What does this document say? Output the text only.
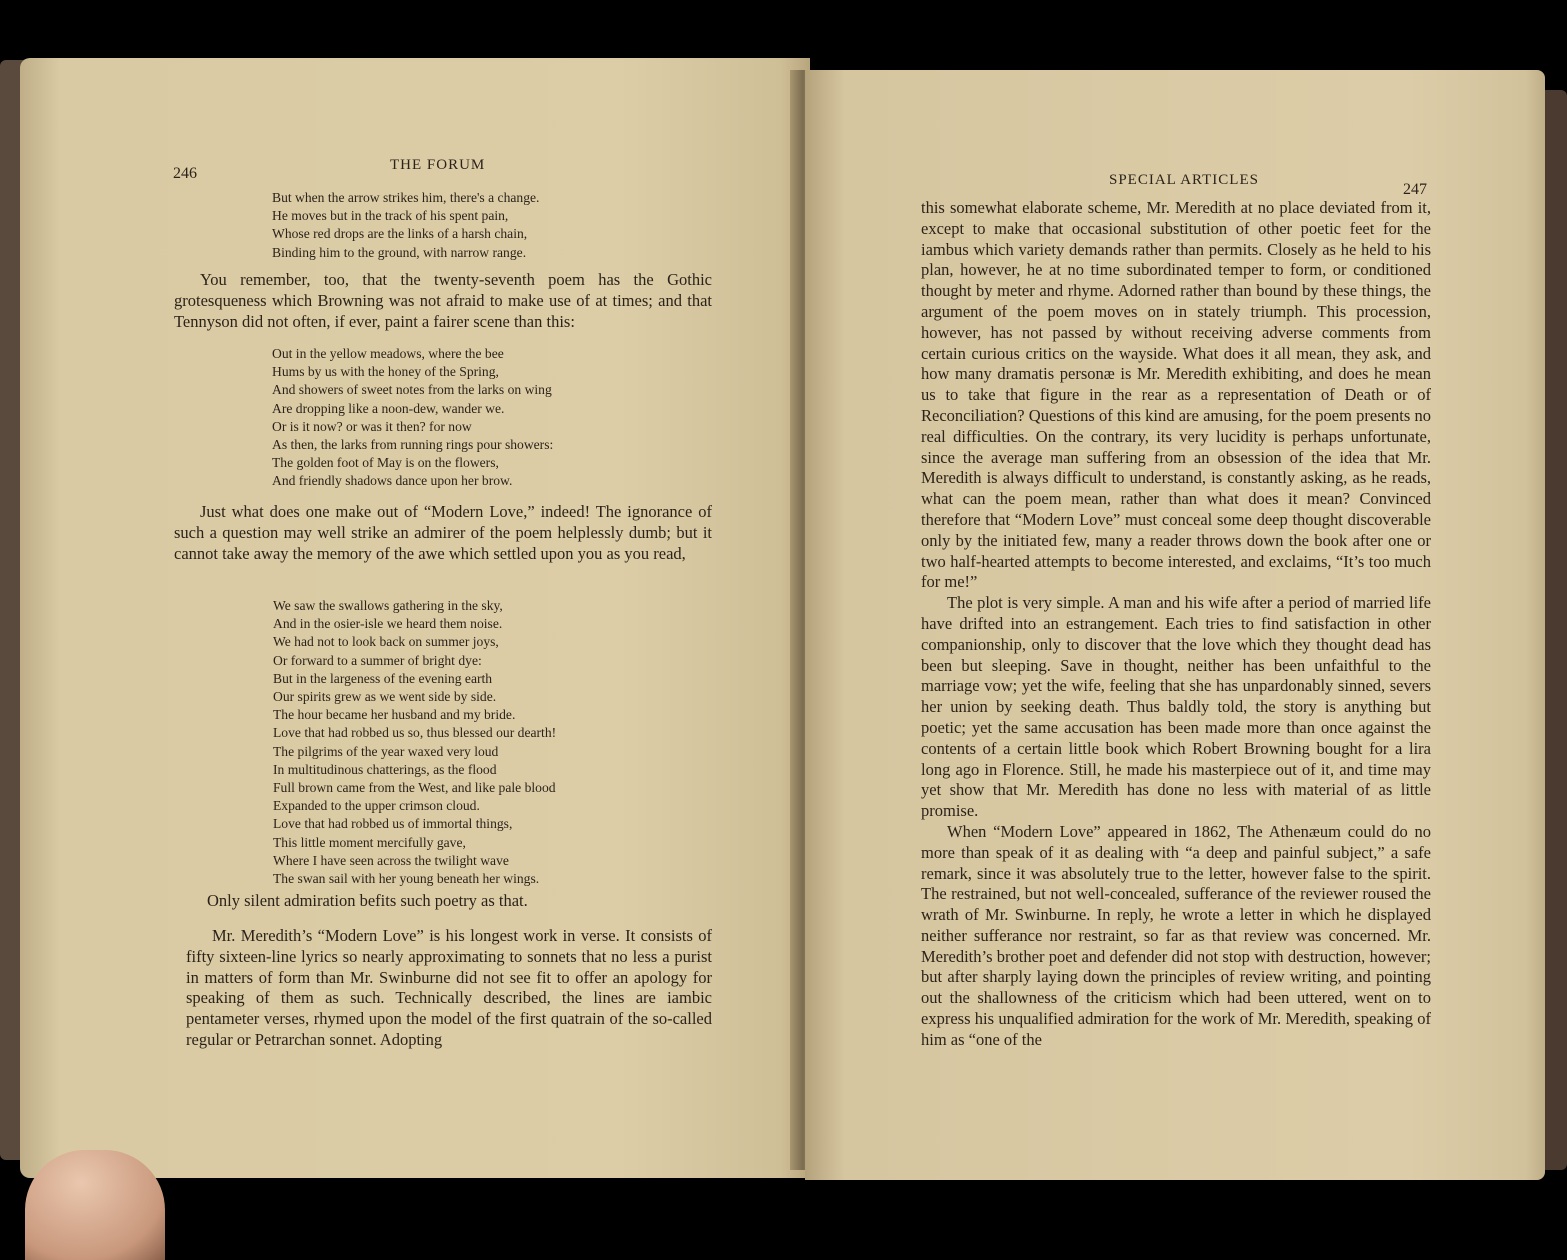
246	THE FORUM
But when the arrow strikes him, there's a change.
He moves but in the track of his spent pain,
Whose red drops are the links of a harsh chain,
Binding him to the ground, with narrow range.

You remember, too, that the twenty-seventh poem has the Gothic grotesqueness which Browning was not afraid to make use of at times; and that Tennyson did not often, if ever, paint a fairer scene than this:

Out in the yellow meadows, where the bee
Hums by us with the honey of the Spring,
And showers of sweet notes from the larks on wing
Are dropping like a noon-dew, wander we.
Or is it now? or was it then? for now
As then, the larks from running rings pour showers:
The golden foot of May is on the flowers,
And friendly shadows dance upon her brow.

Just what does one make out of “Modern Love,” indeed! The ignorance of such a question may well strike an admirer of the poem helplessly dumb; but it cannot take away the memory of the awe which settled upon you as you read,

We saw the swallows gathering in the sky,
And in the osier-isle we heard them noise.
We had not to look back on summer joys,
Or forward to a summer of bright dye:
But in the largeness of the evening earth
Our spirits grew as we went side by side.
The hour became her husband and my bride.
Love that had robbed us so, thus blessed our dearth!
The pilgrims of the year waxed very loud
In multitudinous chatterings, as the flood
Full brown came from the West, and like pale blood
Expanded to the upper crimson cloud.
Love that had robbed us of immortal things,
This little moment mercifully gave,
Where I have seen across the twilight wave
The swan sail with her young beneath her wings.
Only silent admiration befits such poetry as that.

Mr. Meredith’s “Modern Love” is his longest work in verse. It consists of fifty sixteen-line lyrics so nearly approximating to sonnets that no less a purist in matters of form than Mr. Swinburne did not see fit to offer an apology for speaking of them as such. Technically described, the lines are iambic pentameter verses, rhymed upon the model of the first quatrain of the so-called regular or Petrarchan sonnet. Adopting

SPECIAL ARTICLES
247

this somewhat elaborate scheme, Mr. Meredith at no place deviated from it, except to make that occasional substitution of other poetic feet for the iambus which variety demands rather than permits. Closely as he held to his plan, however, he at no time subordinated temper to form, or conditioned thought by meter and rhyme. Adorned rather than bound by these things, the argument of the poem moves on in stately triumph. This procession, however, has not passed by without receiving adverse comments from certain curious critics on the wayside. What does it all mean, they ask, and how many dramatis personæ is Mr. Meredith exhibiting, and does he mean us to take that figure in the rear as a representation of Death or of Reconciliation? Questions of this kind are amusing, for the poem presents no real difficulties. On the contrary, its very lucidity is perhaps unfortunate, since the average man suffering from an obsession of the idea that Mr. Meredith is always difficult to understand, is constantly asking, as he reads, what can the poem mean, rather than what does it mean? Convinced therefore that “Modern Love” must conceal some deep thought discoverable only by the initiated few, many a reader throws down the book after one or two half-hearted attempts to become interested, and exclaims, “It’s too much for me!”

The plot is very simple. A man and his wife after a period of married life have drifted into an estrangement. Each tries to find satisfaction in other companionship, only to discover that the love which they thought dead has been but sleeping. Save in thought, neither has been unfaithful to the marriage vow; yet the wife, feeling that she has unpardonably sinned, severs her union by seeking death. Thus baldly told, the story is anything but poetic; yet the same accusation has been made more than once against the contents of a certain little book which Robert Browning bought for a lira long ago in Florence. Still, he made his masterpiece out of it, and time may yet show that Mr. Meredith has done no less with material of as little promise.

When “Modern Love” appeared in 1862, The Athenæum could do no more than speak of it as dealing with “a deep and painful subject,” a safe remark, since it was absolutely true to the letter, however false to the spirit. The restrained, but not well-concealed, sufferance of the reviewer roused the wrath of Mr. Swinburne. In reply, he wrote a letter in which he displayed neither sufferance nor restraint, so far as that review was concerned. Mr. Meredith’s brother poet and defender did not stop with destruction, however; but after sharply laying down the principles of review writing, and pointing out the shallowness of the criticism which had been uttered, went on to express his unqualified admiration for the work of Mr. Meredith, speaking of him as “one of the
